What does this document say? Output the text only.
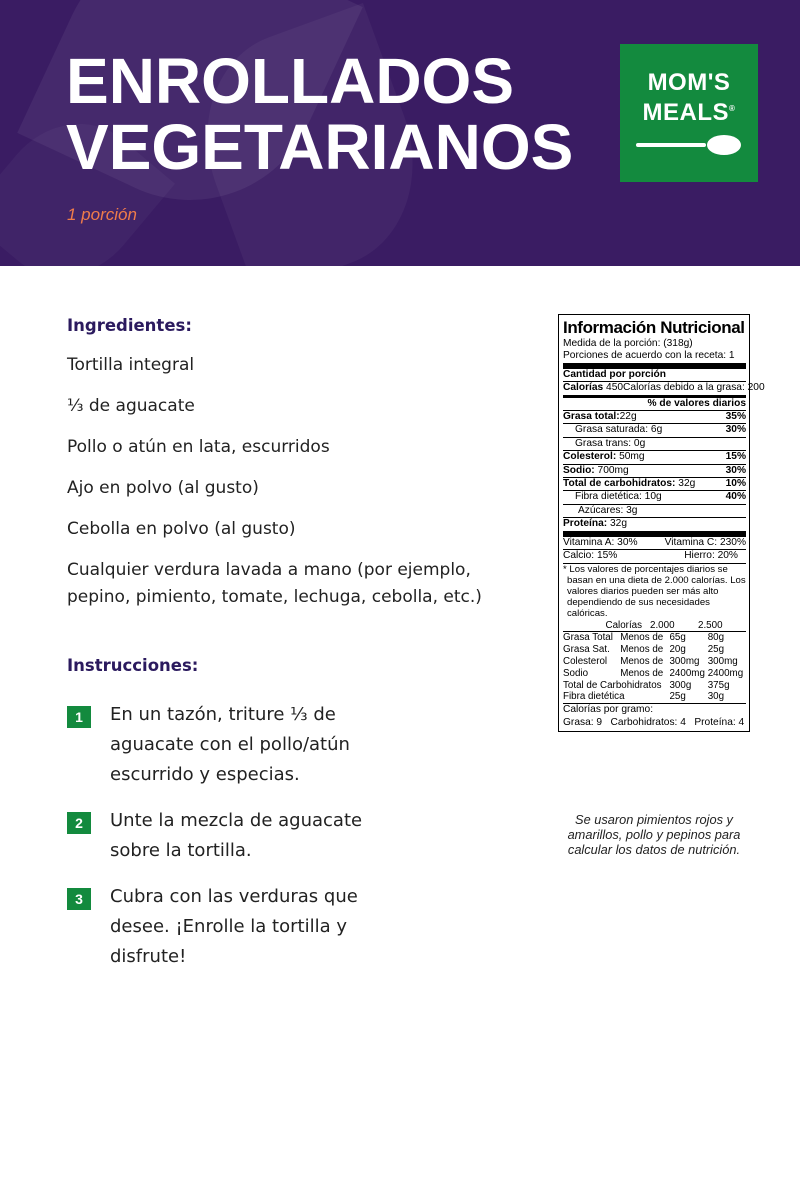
ENROLLADOS
VEGETARIANOS
1 porción
MOM'S
MEALS®
Ingredientes:
Tortilla integral
⅓ de aguacate
Pollo o atún en lata, escurridos
Ajo en polvo (al gusto)
Cebolla en polvo (al gusto)
Cualquier verdura lavada a mano (por ejemplo, pepino, pimiento, tomate, lechuga, cebolla, etc.)
Instrucciones:
1	En un tazón, triture ⅓ de aguacate con el pollo/atún escurrido y especias.
2	Unte la mezcla de aguacate sobre la tortilla.
3	Cubra con las verduras que desee. ¡Enrolle la tortilla y disfrute!
Información Nutricional
Medida de la porción: (318g)
Porciones de acuerdo con la receta: 1
Cantidad por porción
Calorías 450 Calorías debido a la grasa: 200
% de valores diarios
Grasa total:22g	35%
Grasa saturada: 6g	30%
Grasa trans: 0g
Colesterol: 50mg	15%
Sodio: 700mg	30%
Total de carbohidratos: 32g	10%
Fibra dietética: 10g	40%
Azúcares: 3g
Proteína: 32g
Vitamina A: 30%	Vitamina C: 230%
Calcio: 15%	Hierro: 20%
* Los valores de porcentajes diarios se basan en una dieta de 2.000 calorías. Los valores diarios pueden ser más alto dependiendo de sus necesidades calóricas.
	Calorías	2.000	2.500
Grasa Total	Menos de	65g	80g
Grasa Sat.	Menos de	20g	25g
Colesterol	Menos de	300mg	300mg
Sodio	Menos de	2400mg	2400mg
Total de Carbohidratos		300g	375g
Fibra dietética		25g	30g
Calorías por gramo:
Grasa: 9   Carbohidratos: 4   Proteína: 4
Se usaron pimientos rojos y amarillos, pollo y pepinos para calcular los datos de nutrición.
